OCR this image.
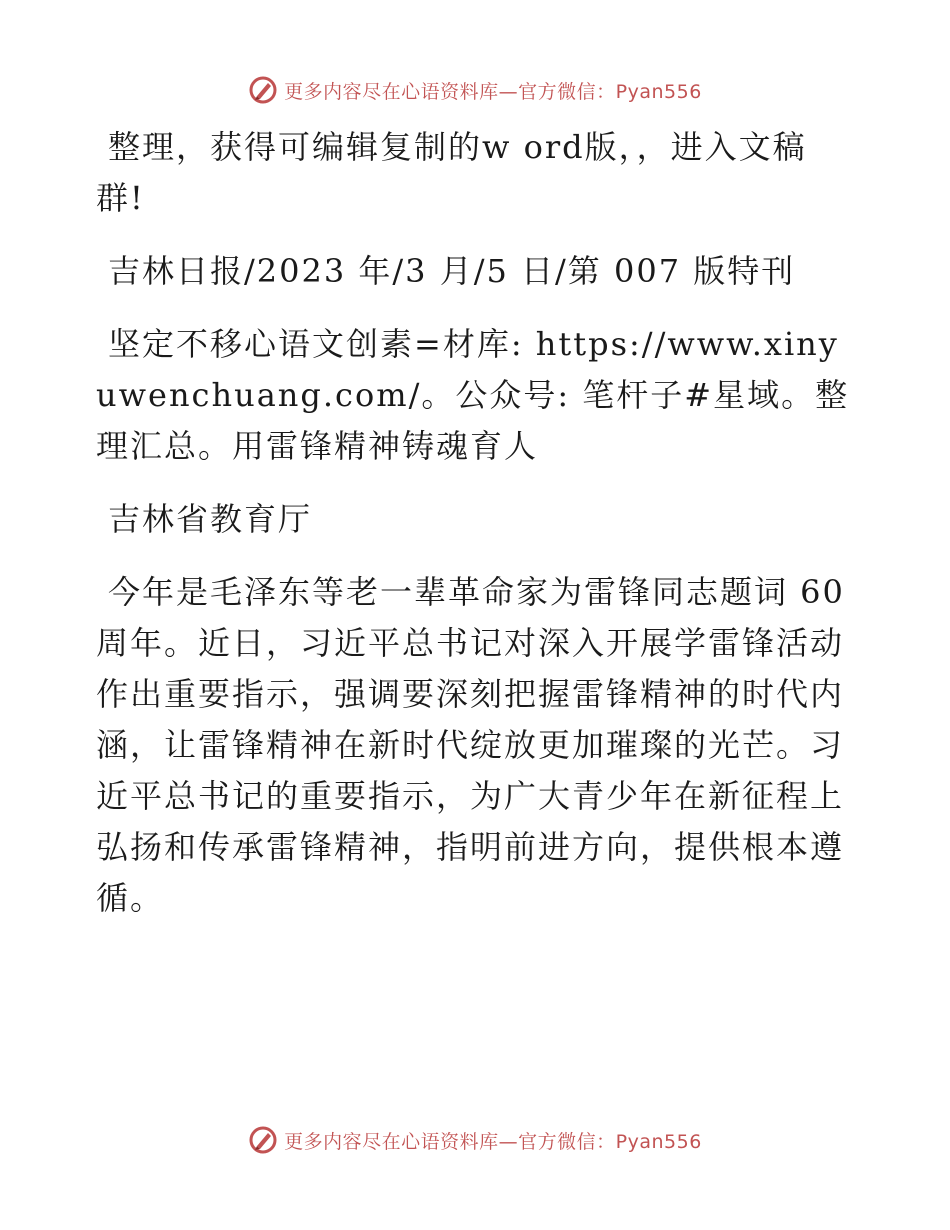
更多内容尽在心语资料库—官方微信：Pyan556

整理，获得可编辑复制的w ord版，，进入文稿群!

吉林日报/2023 年/3 月/5 日/第 007 版特刊

坚定不移心语文创素=材库: https://www.xinyuwenchuang.com/。公众号: 笔杆子#星域。整理汇总。用雷锋精神铸魂育人

吉林省教育厅

今年是毛泽东等老一辈革命家为雷锋同志题词 60 周年。近日，习近平总书记对深入开展学雷锋活动作出重要指示，强调要深刻把握雷锋精神的时代内涵，让雷锋精神在新时代绽放更加璀璨的光芒。习近平总书记的重要指示，为广大青少年在新征程上弘扬和传承雷锋精神，指明前进方向，提供根本遵循。

更多内容尽在心语资料库—官方微信：Pyan556
